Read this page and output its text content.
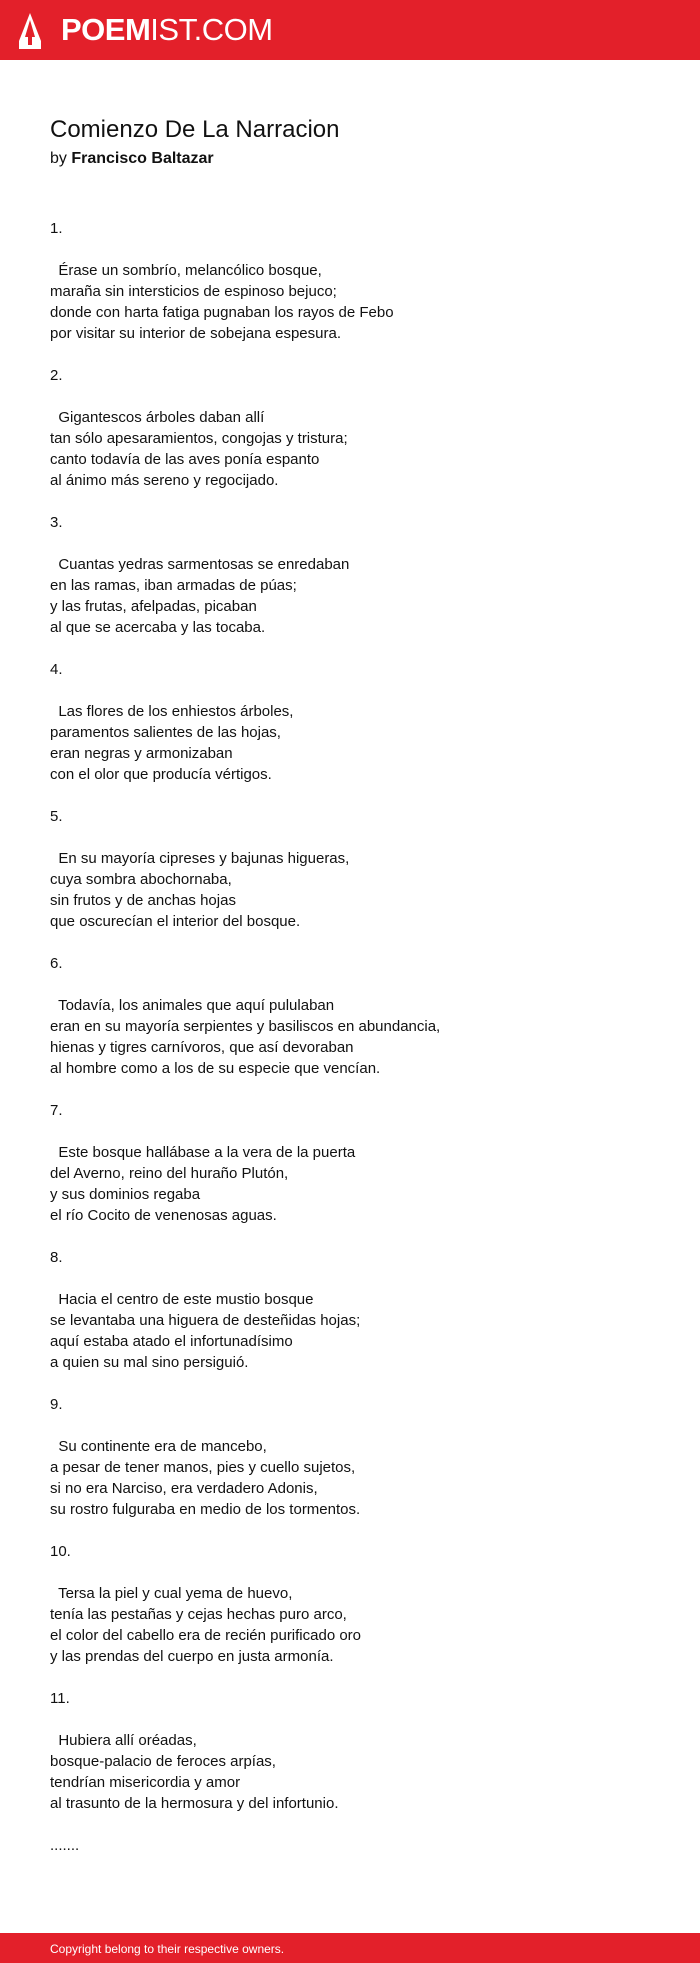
POEMIST.COM
Comienzo De La Narracion
by Francisco Baltazar
1.
Érase un sombrío, melancólico bosque,
maraña sin intersticios de espinoso bejuco;
donde con harta fatiga pugnaban los rayos de Febo
por visitar su interior de sobejana espesura.
2.
Gigantescos árboles daban allí
tan sólo apesaramientos, congojas y tristura;
canto todavía de las aves ponía espanto
al ánimo más sereno y regocijado.
3.
Cuantas yedras sarmentosas se enredaban
en las ramas, iban armadas de púas;
y las frutas, afelpadas, picaban
al que se acercaba y las tocaba.
4.
Las flores de los enhiestos árboles,
paramentos salientes de las hojas,
eran negras y armonizaban
con el olor que producía vértigos.
5.
En su mayoría cipreses y bajunas higueras,
cuya sombra abochornaba,
sin frutos y de anchas hojas
que oscurecían el interior del bosque.
6.
Todavía, los animales que aquí pululaban
eran en su mayoría serpientes y basiliscos en abundancia,
hienas y tigres carnívoros, que así devoraban
al hombre como a los de su especie que vencían.
7.
Este bosque hallábase a la vera de la puerta
del Averno, reino del huraño Plutón,
y sus dominios regaba
el río Cocito de venenosas aguas.
8.
Hacia el centro de este mustio bosque
se levantaba una higuera de desteñidas hojas;
aquí estaba atado el infortunadísimo
a quien su mal sino persiguió.
9.
Su continente era de mancebo,
a pesar de tener manos, pies y cuello sujetos,
si no era Narciso, era verdadero Adonis,
su rostro fulguraba en medio de los tormentos.
10.
Tersa la piel y cual yema de huevo,
tenía las pestañas y cejas hechas puro arco,
el color del cabello era de recién purificado oro
y las prendas del cuerpo en justa armonía.
11.
Hubiera allí oréadas,
bosque-palacio de feroces arpías,
tendrían misericordia y amor
al trasunto de la hermosura y del infortunio.
.......
Copyright belong to their respective owners.
